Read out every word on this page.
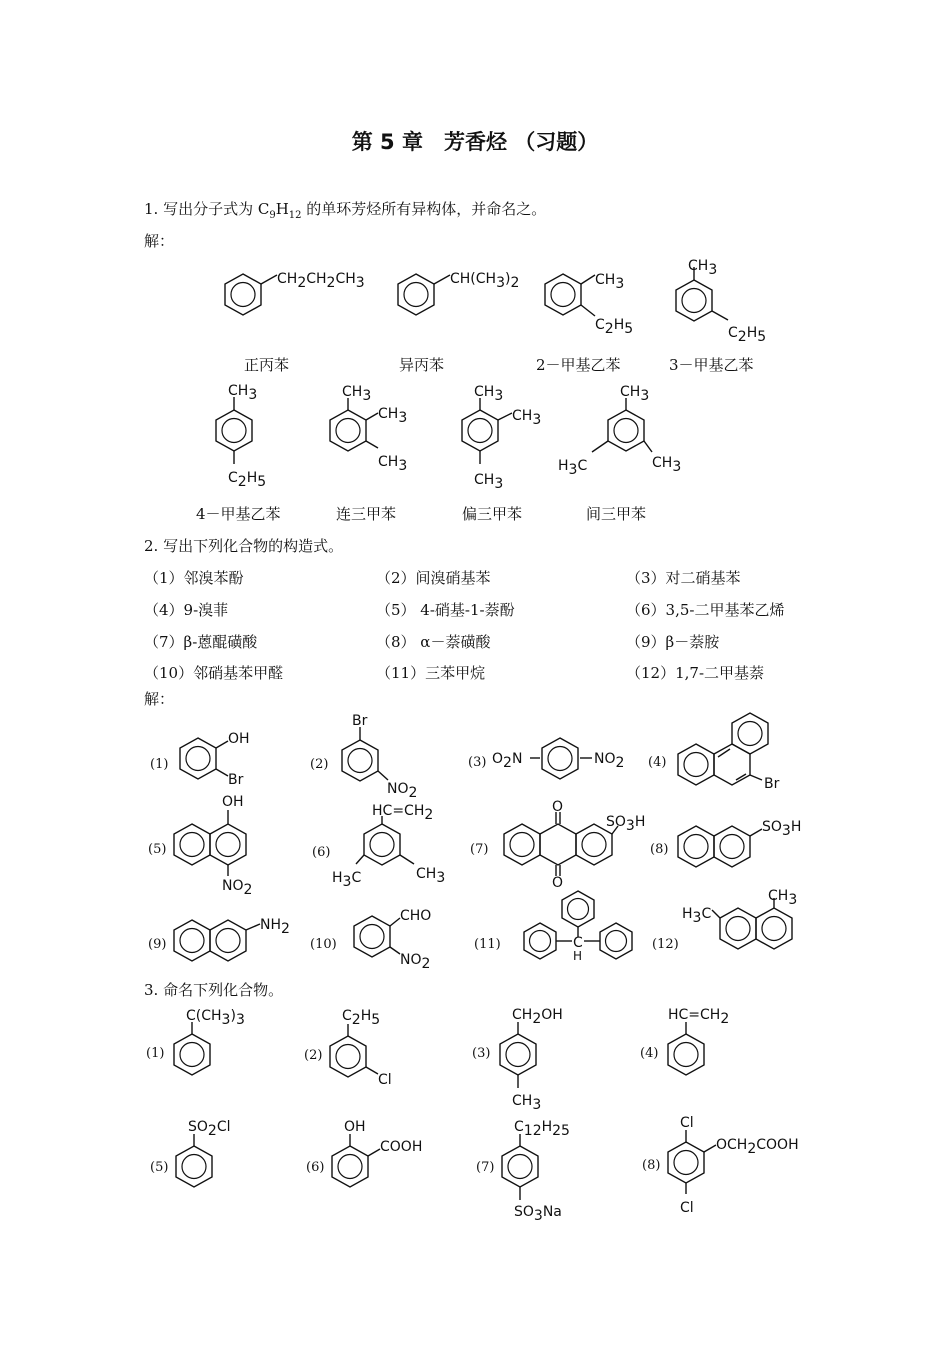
第 5 章　芳香烃 （习题）
1. 写出分子式为 $C_9H_{12}$ 的单环芳烃所有异构体，并命名之。
解：
CH2CH2CH3	CH(CH3)2	CH3
C2H5
CH3
C2H5
正丙苯	异丙苯	2－甲基乙苯	3－甲基乙苯
CH3
C2H5
CH3
CH3
CH3
CH3
CH3
CH3
CH3
H3C	CH3
4－甲基乙苯	连三甲苯	偏三甲苯	间三甲苯
2. 写出下列化合物的构造式。
（1）邻溴苯酚	（2）间溴硝基苯	（3）对二硝基苯
（4）9-溴菲	（5） 4-硝基-1-萘酚	（6）3,5-二甲基苯乙烯
（7）β-蒽醌磺酸	（8） α－萘磺酸	（9）β－萘胺
（10）邻硝基苯甲醛	（11）三苯甲烷	（12）1,7-二甲基萘
解：
(1)
OH
Br
(2)
Br
NO2
(3) O2N	NO2 (4)
Br
(5)
OH
NO2
(6)
HC=CH2
H3C	CH3
(7)
O
O
SO3H
(8)
SO3H
(9)
NH2
(10)
CHO
NO2
(11)	C
H
(12)
H3C
CH3
3. 命名下列化合物。
(1)
C(CH3)3
(2)
C2H5
Cl
(3)
CH2OH
CH3
(4)
HC=CH2
(5)
SO2Cl
(6)
OH
COOH
(7)
C12H25
SO3Na
(8)
Cl
OCH2COOH
Cl
